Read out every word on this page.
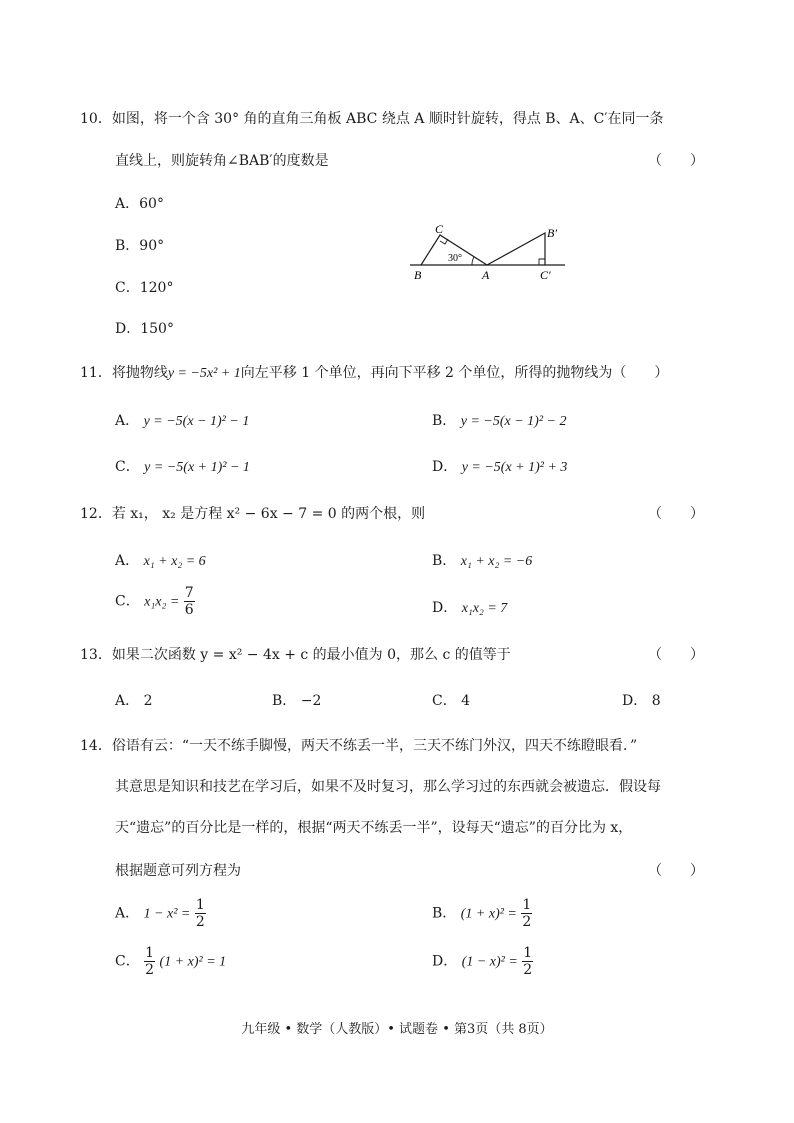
10．如图，将一个含 30° 角的直角三角板 ABC 绕点 A 顺时针旋转，得点 B、A、C′在同一条
直线上，则旋转角∠BAB′的度数是	（　　）
A．60°
B．90°
C．120°
D．150°
C
B	A
B′
C′
30°
11．将抛物线y = −5x² + 1向左平移 1 个单位，再向下平移 2 个单位，所得的抛物线为（　　）
A． y = −5(x − 1)² − 1	B． y = −5(x − 1)² − 2
C． y = −5(x + 1)² − 1	D． y = −5(x + 1)² + 3
12．若 x₁， x₂ 是方程 x² − 6x − 7 = 0 的两个根，则	（　　）
A． x₁ + x₂ = 6	B． x₁ + x₂ = −6
C． $x_1x_2 = \frac{7}{6}$	D． x₁x₂ = 7
13．如果二次函数 y = x² − 4x + c 的最小值为 0，那么 c 的值等于	（　　）
A． 2	B． −2	C． 4	D． 8
14．俗语有云：“一天不练手脚慢，两天不练丢一半，三天不练门外汉，四天不练瞪眼看．”
其意思是知识和技艺在学习后，如果不及时复习，那么学习过的东西就会被遗忘．假设每
天“遗忘”的百分比是一样的，根据“两天不练丢一半”，设每天“遗忘”的百分比为 x，
根据题意可列方程为	（　　）
A． $1 - x^2 = \frac{1}{2}$	B． $(1 + x)^2 = \frac{1}{2}$
C． $\frac{1}{2} (1 + x)^2 = 1$	D． $(1 - x)^2 = \frac{1}{2}$
九年级 • 数学（人教版）• 试题卷 • 第3页（共 8页）
